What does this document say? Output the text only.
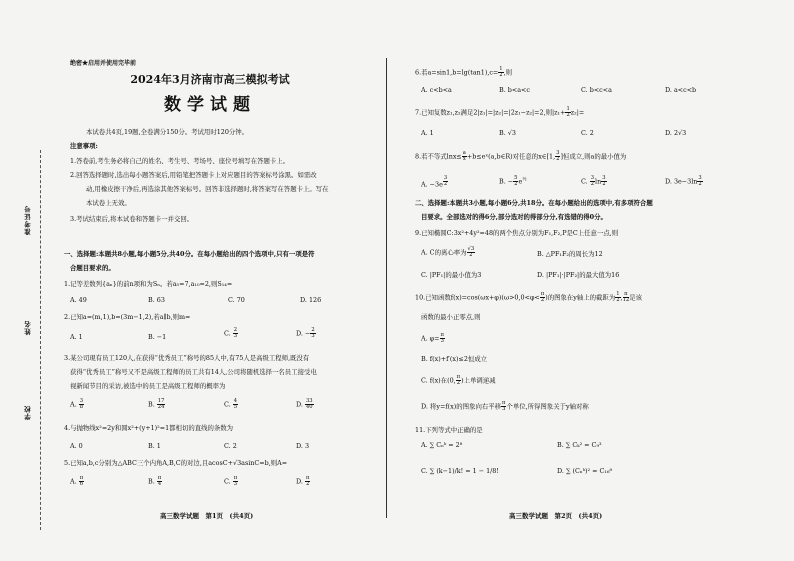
准考证号
姓名
学校
绝密★启用并使用完毕前
2024年3月济南市高三模拟考试
数学试题
本试卷共4页,19题,全卷满分150分。考试用时120分钟。
注意事项:
1.答卷前,考生务必将自己的姓名、考生号、考场号、座位号填写在答题卡上。
2.回答选择题时,选出每小题答案后,用铅笔把答题卡上对应题目的答案标号涂黑。如需改
动,用橡皮擦干净后,再选涂其他答案标号。回答非选择题时,将答案写在答题卡上。写在
本试卷上无效。
3.考试结束后,将本试卷和答题卡一并交回。
一、选择题:本题共8小题,每小题5分,共40分。在每小题给出的四个选项中,只有一项是符
合题目要求的。
1.记等差数列{aₙ}的前n项和为Sₙ。若a₅=7,a₁₀=2,则S₁₄=
A. 49	B. 63	C. 70	D. 126
2.已知a=(m,1),b=(3m−1,2),若a∥b,则m=
A. 1	B. −1	C. $\frac{2}{3}$	D. − $\frac{2}{3}$
3.某公司現有员工120人,在获得“优秀员工”称号的85人中,有75人是高级工程师,既没有
获得“优秀员工”称号又不是高级工程师的员工共有14人,公司将随机选择一名员工接受电
视新闻节目的采访,被选中的员工是高级工程师的概率为
A. $\frac{3}{8}$	B. $\frac{17}{24}$	C. $\frac{4}{5}$	D. $\frac{33}{40}$
4.与抛物线x²=2y和圆x²+(y+1)²=1都相切的直线的条数为
A. 0	B. 1	C. 2	D. 3
5.已知a,b,c分别为△ABC三个内角A,B,C的对边,且acosC+√3asinC=b,则A=
A. $\frac{\pi}{6}$	B. $\frac{\pi}{4}$	C. $\frac{\pi}{3}$	D. $\frac{\pi}{2}$
高三数学试题　第1页　(共4页)
6.若$a=\sin 1,b=\lg(\tan 1),c= \frac{1}{2}$ ,则
A. c<b<a	B. b<a<c	C. b<c<a	D. a<c<b
7.已知复数z₁,z₂满足2|z₁|=|z₂|=|2z₁−z₂|=2,则$|z_1+ \frac{1}{2} z_2|=$
A. 1	B. √3	C. 2	D. 2√3
8.若不等式$\ln x\le \frac{a}{x}$ +b≤eˣ(a,b∈R)对任意的x∈[1, $\frac{3}{2}$ ]恒成立,则a的最小值为
A. −3e $^{\frac{3}{2}}$	B. − $\frac{5}{2} e^{\frac{1}{2}}$	C. $\frac{3}{2}$ $\ln \frac{3}{2}$	D. $3e-3\ln \frac{3}{2}$
二、选择题:本题共3小题,每小题6分,共18分。在每小题给出的选项中,有多项符合题
目要求。全部选对的得6分,部分选对的得部分分,有选错的得0分。
9.已知椭圆C:3x²+4y²=48的两个焦点分别为F₁,F₂,P是C上任意一点,则
A. C的离心率为 $\frac{√3}{2}$	B. △PF₁F₂的周长为12
C. |PF₁|的最小值为3	D. |PF₁|·|PF₂|的最大值为16
10.已知函数$f(x)=\cos(\omega x+\varphi)(\omega>0,0<\varphi< \frac{\pi}{2}$ )的图象在y轴上的截距为 $\frac{1}{2}$ , $\frac{\pi}{12}$ 是该
函数的最小正零点,则
A. $\varphi= \frac{\pi}{3}$
B. f(x)+f′(x)≤2恒成立
C. f(x)在(0, $\frac{\pi}{2}$ )上单调递减
D. 将y=f(x)的图象向右平移 $\frac{\pi}{3}$ 个单位,所得图象关于y轴对称
11.下列等式中正确的是
A. ∑ Cₙᵏ = 2⁸	B. ∑ Cₖ² = C₉³
C. ∑ (k−1)/k! = 1 − 1/8!	D. ∑ (Cₙᵏ)² = C₁₆⁸
高三数学试题　第2页　(共4页)
